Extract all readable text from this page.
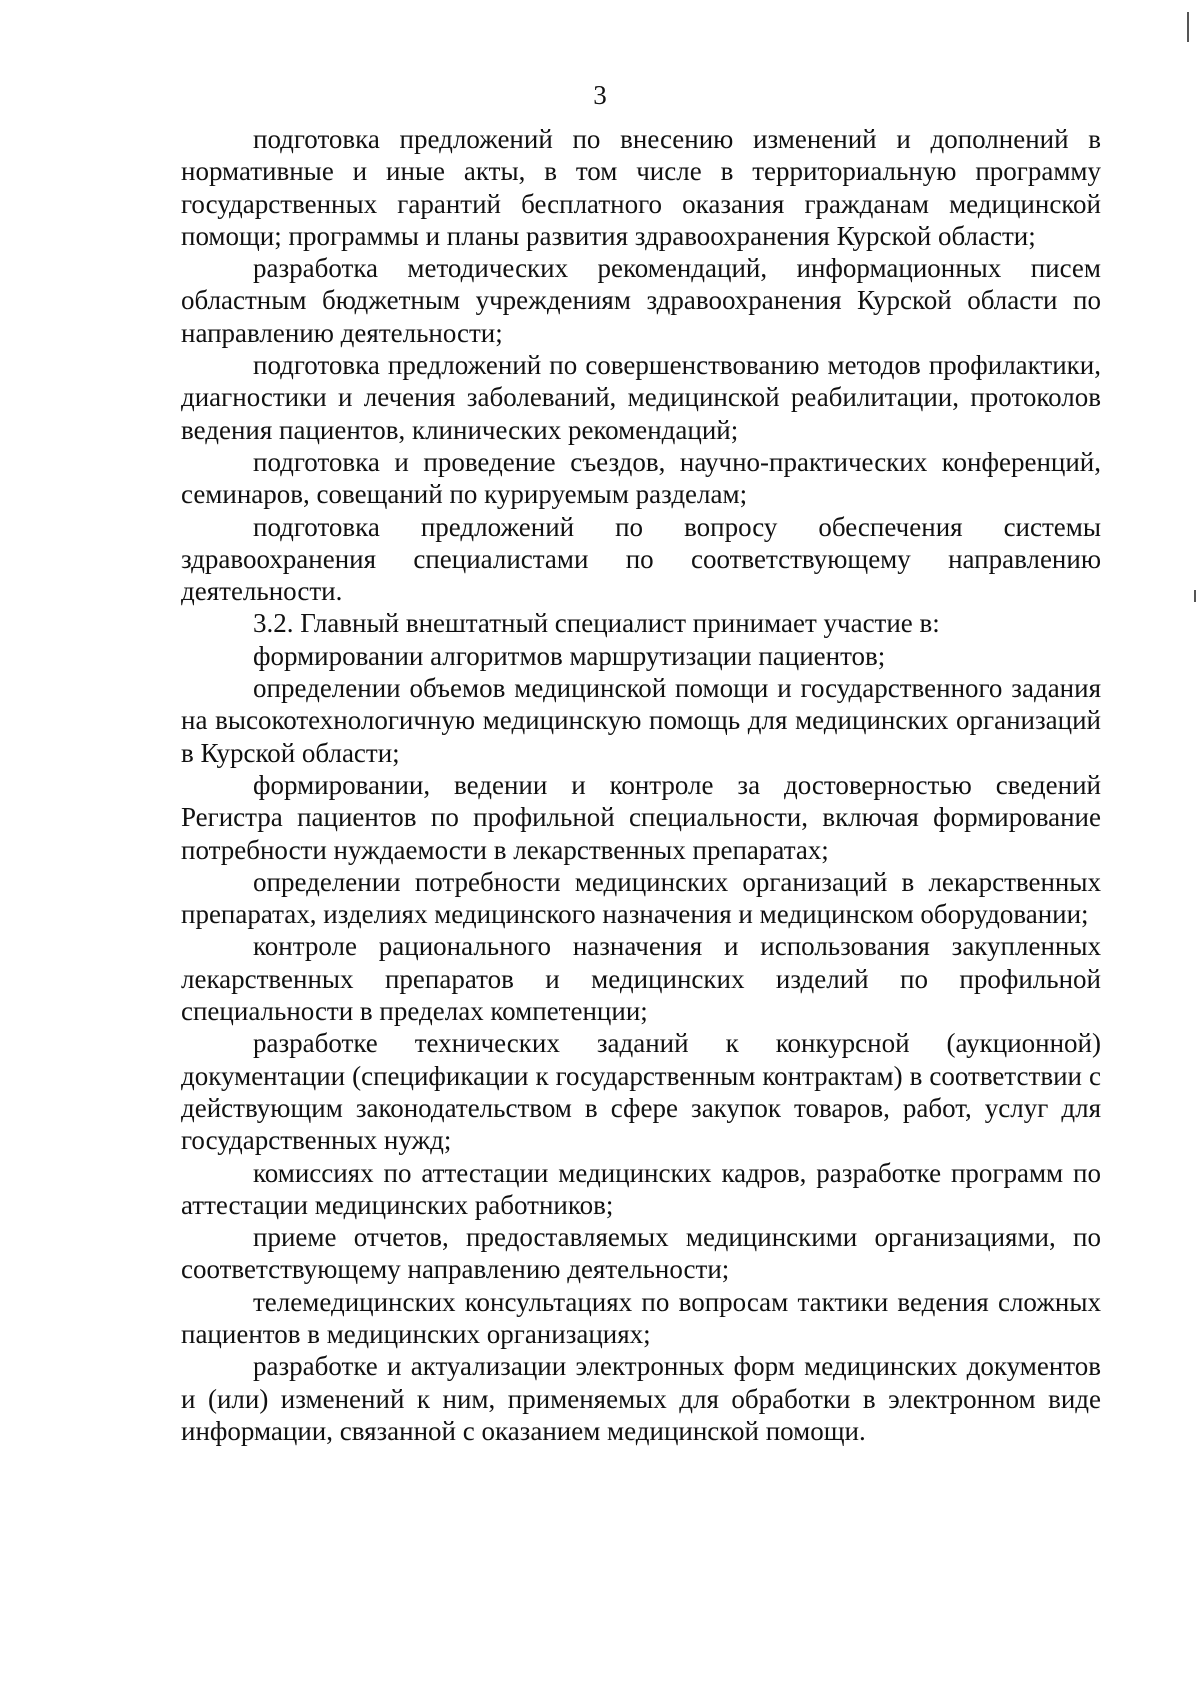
3

подготовка предложений по внесению изменений и дополнений в нормативные и иные акты, в том числе в территориальную программу государственных гарантий бесплатного оказания гражданам медицинской помощи; программы и планы развития здравоохранения Курской области;

разработка методических рекомендаций, информационных писем областным бюджетным учреждениям здравоохранения Курской области по направлению деятельности;

подготовка предложений по совершенствованию методов профилактики, диагностики и лечения заболеваний, медицинской реабилитации, протоколов ведения пациентов, клинических рекомендаций;

подготовка и проведение съездов, научно-практических конференций, семинаров, совещаний по курируемым разделам;

подготовка предложений по вопросу обеспечения системы здравоохранения специалистами по соответствующему направлению деятельности.

3.2. Главный внештатный специалист принимает участие в:

формировании алгоритмов маршрутизации пациентов;

определении объемов медицинской помощи и государственного задания на высокотехнологичную медицинскую помощь для медицинских организаций в Курской области;

формировании, ведении и контроле за достоверностью сведений Регистра пациентов по профильной специальности, включая формирование потребности нуждаемости в лекарственных препаратах;

определении потребности медицинских организаций в лекарственных препаратах, изделиях медицинского назначения и медицинском оборудовании;

контроле рационального назначения и использования закупленных лекарственных препаратов и медицинских изделий по профильной специальности в пределах компетенции;

разработке технических заданий к конкурсной (аукционной) документации (спецификации к государственным контрактам) в соответствии с действующим законодательством в сфере закупок товаров, работ, услуг для государственных нужд;

комиссиях по аттестации медицинских кадров, разработке программ по аттестации медицинских работников;

приеме отчетов, предоставляемых медицинскими организациями, по соответствующему направлению деятельности;

телемедицинских консультациях по вопросам тактики ведения сложных пациентов в медицинских организациях;

разработке и актуализации электронных форм медицинских документов и (или) изменений к ним, применяемых для обработки в электронном виде информации, связанной с оказанием медицинской помощи.
